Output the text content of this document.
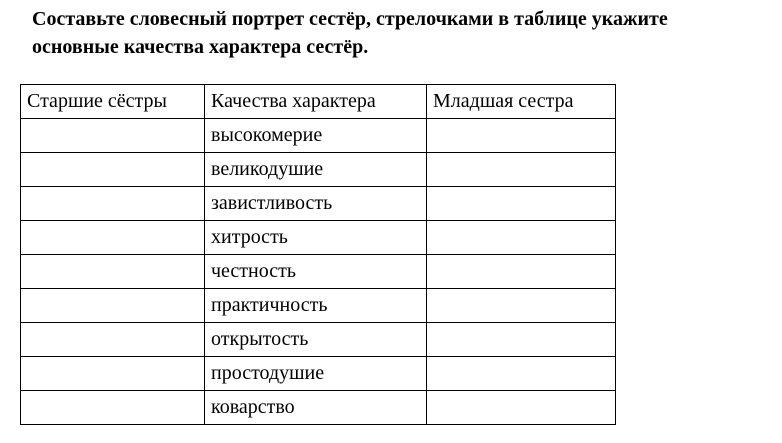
Составьте словесный портрет сестёр, стрелочками в таблице укажите
основные качества характера сестёр.
Старшие сёстры	Качества характера	Младшая сестра
	высокомерие	
	великодушие	
	завистливость	
	хитрость	
	честность	
	практичность	
	открытость	
	простодушие	
	коварство	
